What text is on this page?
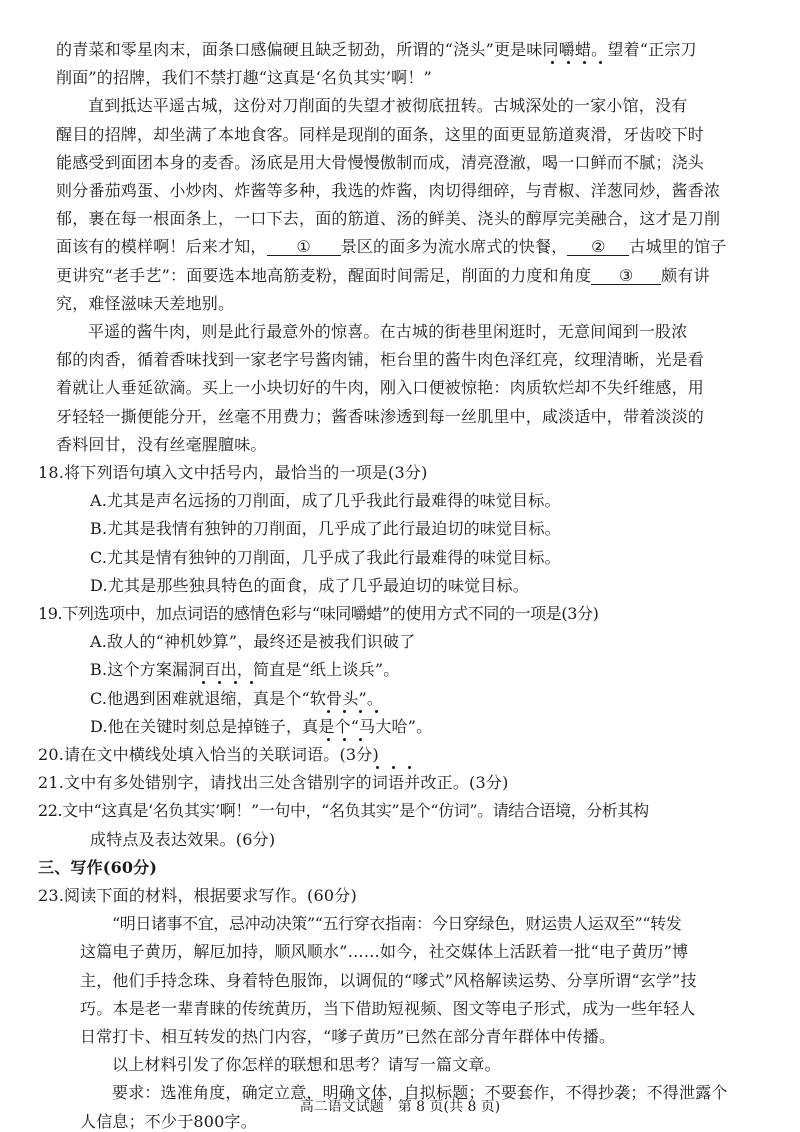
的青菜和零星肉末，面条口感偏硬且缺乏韧劲，所谓的“浇头”更是味同嚼蜡。望着“正宗刀
削面”的招牌，我们不禁打趣“这真是‘名负其实’啊！”
直到抵达平遥古城，这份对刀削面的失望才被彻底扭转。古城深处的一家小馆，没有
醒目的招牌，却坐满了本地食客。同样是现削的面条，这里的面更显筋道爽滑，牙齿咬下时
能感受到面团本身的麦香。汤底是用大骨慢慢傲制而成，清亮澄澈，喝一口鲜而不腻；浇头
则分番茄鸡蛋、小炒肉、炸酱等多种，我选的炸酱，肉切得细碎，与青椒、洋葱同炒，酱香浓
郁，裹在每一根面条上，一口下去，面的筋道、汤的鲜美、浇头的醇厚完美融合，这才是刀削
面该有的模样啊！后来才知， ① 景区的面多为流水席式的快餐， ② 古城里的馆子
更讲究“老手艺”：面要选本地高筋麦粉，醒面时间需足，削面的力度和角度 ③ 颇有讲
究，难怪滋味天差地别。
平遥的酱牛肉，则是此行最意外的惊喜。在古城的街巷里闲逛时，无意间闻到一股浓
郁的肉香，循着香味找到一家老字号酱肉铺，柜台里的酱牛肉色泽红亮，纹理清晰，光是看
着就让人垂延欲滴。买上一小块切好的牛肉，刚入口便被惊艳：肉质软烂却不失纤维感，用
牙轻轻一撕便能分开，丝毫不用费力；酱香味渗透到每一丝肌里中，咸淡适中，带着淡淡的
香料回甘，没有丝毫腥膻味。
18.将下列语句填入文中括号内，最恰当的一项是(3分)
A.尤其是声名远扬的刀削面，成了几乎我此行最难得的味觉目标。
B.尤其是我情有独钟的刀削面，几乎成了此行最迫切的味觉目标。
C.尤其是情有独钟的刀削面，几乎成了我此行最难得的味觉目标。
D.尤其是那些独具特色的面食，成了几乎最迫切的味觉目标。
19.下列选项中，加点词语的感情色彩与“味同嚼蜡”的使用方式不同的一项是(3分)
A.敌人的“神机妙算”，最终还是被我们识破了
B.这个方案漏洞百出，简直是“纸上谈兵”。
C.他遇到困难就退缩，真是个“软骨头”。
D.他在关键时刻总是掉链子，真是个“马大哈”。
20.请在文中横线处填入恰当的关联词语。(3分)
21.文中有多处错别字，请找出三处含错别字的词语并改正。(3分)
22.文中“这真是‘名负其实’啊！”一句中，“名负其实”是个“仿词”。请结合语境，分析其构
成特点及表达效果。(6分)
三、写作(60分)
23.阅读下面的材料，根据要求写作。(60分)
“明日诸事不宜，忌冲动决策”“五行穿衣指南：今日穿绿色，财运贵人运双至”“转发
这篇电子黄历，解厄加持，顺风顺水”……如今，社交媒体上活跃着一批“电子黄历”博
主，他们手持念珠、身着特色服饰，以调侃的“嗲式”风格解读运势、分享所谓“玄学”技
巧。本是老一辈青睐的传统黄历，当下借助短视频、图文等电子形式，成为一些年轻人
日常打卡、相互转发的热门内容，“嗲子黄历”已然在部分青年群体中传播。
以上材料引发了你怎样的联想和思考？请写一篇文章。
要求：选准角度，确定立意，明确文体，自拟标题；不要套作，不得抄袭；不得泄露个
人信息；不少于800字。
高二语文试题　第 8 页(共 8 页)
